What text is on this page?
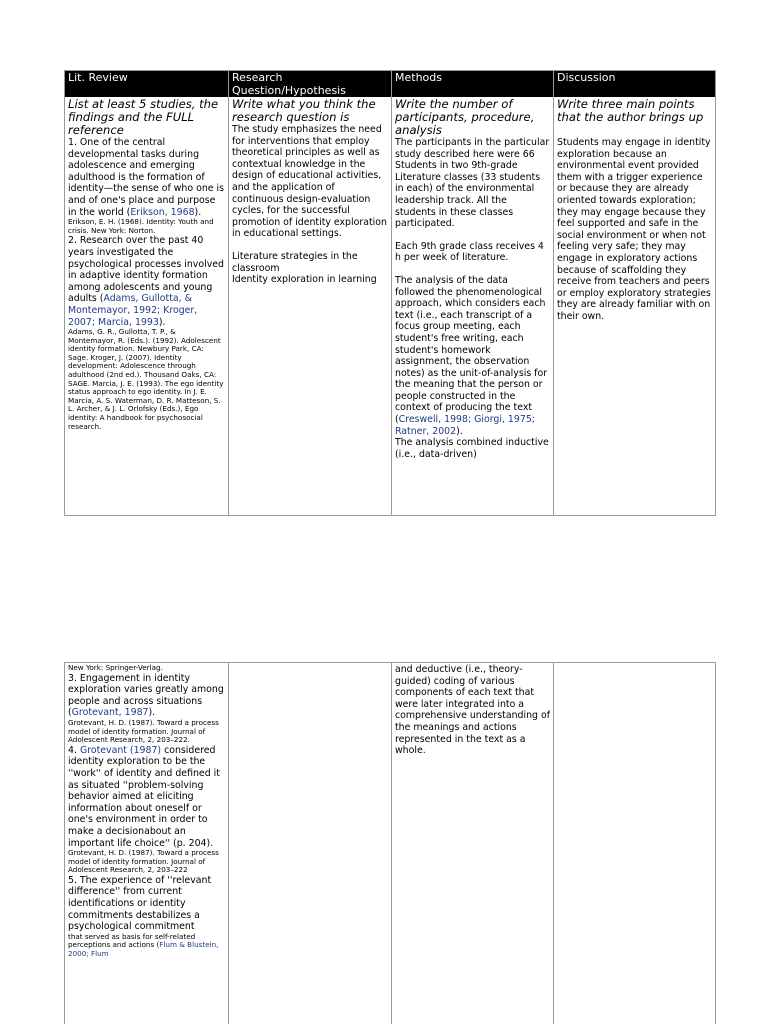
Lit. Review	Research
Question/Hypothesis
Methods	Discussion
List at least 5 studies, the findings and the FULL reference

1. One of the central developmental tasks during adolescence and emerging adulthood is the formation of identity—the sense of who one is and of one's place and purpose in the world (Erikson, 1968).

Erikson, E. H. (1968). Identity: Youth and crisis. New York: Norton.

2. Research over the past 40 years investigated the psychological processes involved in adaptive identity formation among adolescents and young adults (Adams, Gullotta, & Montemayor, 1992; Kroger, 2007; Marcia, 1993).

Adams, G. R., Gullotta, T. P., & Montemayor, R. (Eds.). (1992). Adolescent identity formation. Newbury Park, CA: Sage. Kroger, J. (2007). Identity development: Adolescence through adulthood (2nd ed.). Thousand Oaks, CA: SAGE. Marcia, J. E. (1993). The ego identity status approach to ego identity. In J. E. Marcia, A. S. Waterman, D. R. Matteson, S. L. Archer, & J. L. Orlofsky (Eds.), Ego identity: A handbook for psychosocial research.

Write what you think the research question is

The study emphasizes the need for interventions that employ theoretical principles as well as contextual knowledge in the design of educational activities, and the application of continuous design-evaluation cycles, for the successful promotion of identity exploration in educational settings.

Literature strategies in the classroom

Identity exploration in learning

Write the number of participants, procedure, analysis

The participants in the particular study described here were 66 Students in two 9th-grade Literature classes (33 students in each) of the environmental leadership track. All the students in these classes participated.

Each 9th grade class receives 4 h per week of literature.

The analysis of the data followed the phenomenological approach, which considers each text (i.e., each transcript of a focus group meeting, each student's free writing, each student's homework assignment, the observation notes) as the unit-of-analysis for the meaning that the person or people constructed in the context of producing the text (Creswell, 1998; Giorgi, 1975; Ratner, 2002).

The analysis combined inductive (i.e., data-driven)

Write three main points that the author brings up

Students may engage in identity exploration because an environmental event provided them with a trigger experience or because they are already oriented towards exploration; they may engage because they feel supported and safe in the social environment or when not feeling very safe; they may engage in exploratory actions because of scaffolding they receive from teachers and peers or employ exploratory strategies they are already familiar with on their own.

New York: Springer-Verlag.

3. Engagement in identity exploration varies greatly among people and across situations (Grotevant, 1987).

Grotevant, H. D. (1987). Toward a process model of identity formation. Journal of Adolescent Research, 2, 203–222.

4. Grotevant (1987) considered identity exploration to be the ''work'' of identity and defined it as situated ''problem-solving behavior aimed at eliciting information about oneself or one's environment in order to make a decisionabout an important life choice'' (p. 204).

Grotevant, H. D. (1987). Toward a process model of identity formation. Journal of Adolescent Research, 2, 203–222

5. The experience of ''relevant difference'' from current identifications or identity commitments destabilizes a psychological commitment

that served as basis for self-related perceptions and actions (Flum & Blustein, 2000; Flum

and deductive (i.e., theory-guided) coding of various components of each text that were later integrated into a comprehensive understanding of the meanings and actions represented in the text as a whole.
